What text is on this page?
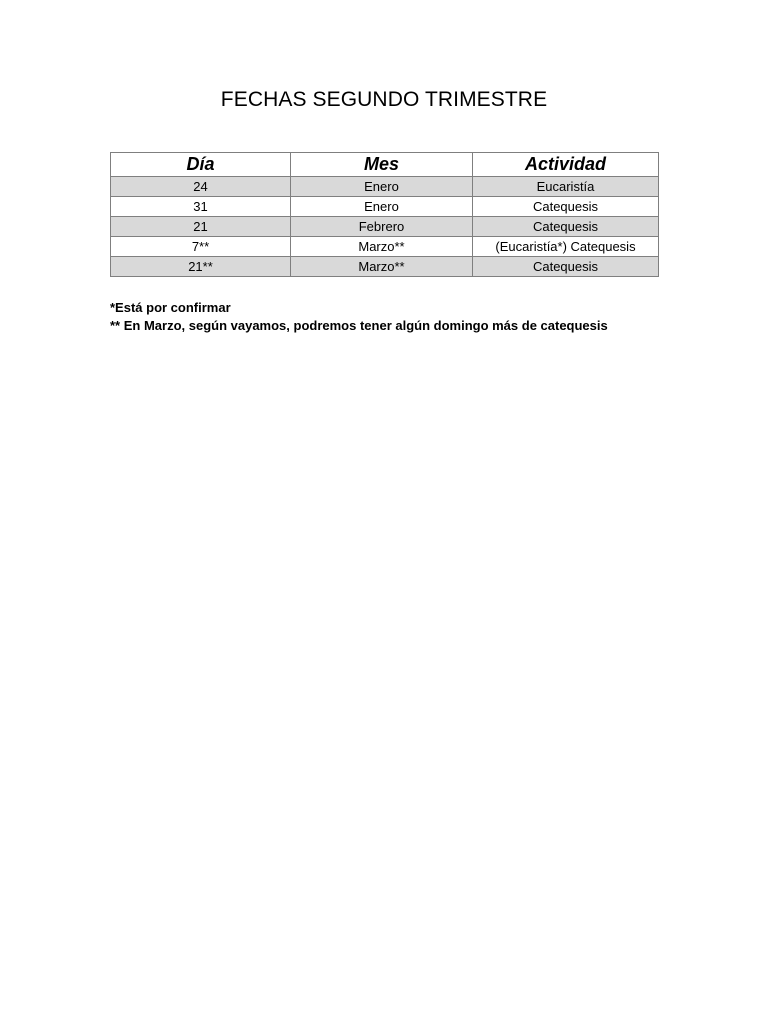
FECHAS SEGUNDO TRIMESTRE
Día	Mes	Actividad
24	Enero	Eucaristía
31	Enero	Catequesis
21	Febrero	Catequesis
7**	Marzo**	(Eucaristía*) Catequesis
21**	Marzo**	Catequesis
*Está por confirmar
** En Marzo, según vayamos, podremos tener algún domingo más de catequesis
